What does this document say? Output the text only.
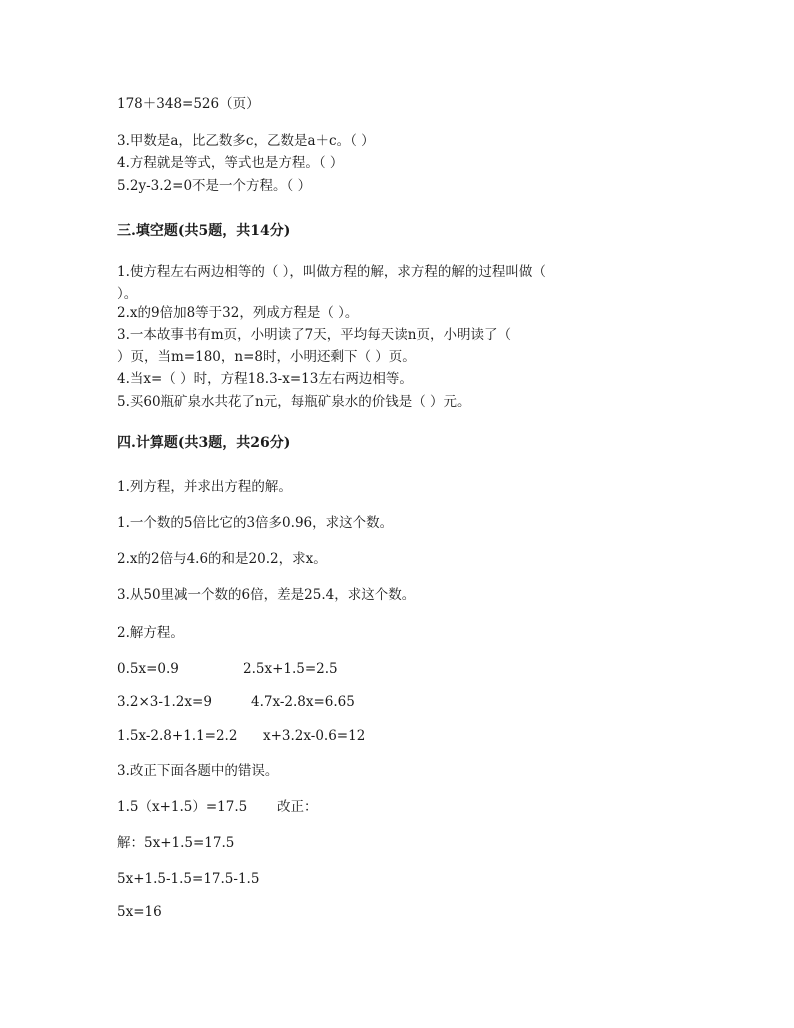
178＋348=526（页）
3.甲数是a，比乙数多c，乙数是a＋c。（ ）
4.方程就是等式，等式也是方程。（ ）
5.2y-3.2=0不是一个方程。（ ）
三.填空题(共5题，共14分)
1.使方程左右两边相等的（ ），叫做方程的解，求方程的解的过程叫做（
）。
2.x的9倍加8等于32，列成方程是（ ）。
3.一本故事书有m页，小明读了7天，平均每天读n页，小明读了（
）页，当m=180，n=8时，小明还剩下（ ）页。
4.当x=（ ）时，方程18.3-x=13左右两边相等。
5.买60瓶矿泉水共花了n元，每瓶矿泉水的价钱是（ ）元。
四.计算题(共3题，共26分)
1.列方程，并求出方程的解。
1.一个数的5倍比它的3倍多0.96，求这个数。
2.x的2倍与4.6的和是20.2，求x。
3.从50里减一个数的6倍，差是25.4，求这个数。
2.解方程。
0.5x=0.9	2.5x+1.5=2.5
3.2×3-1.2x=9	4.7x-2.8x=6.65
1.5x-2.8+1.1=2.2 x+3.2x-0.6=12
3.改正下面各题中的错误。
1.5（x+1.5）=17.5 改正：
解：5x+1.5=17.5
5x+1.5-1.5=17.5-1.5
5x=16
